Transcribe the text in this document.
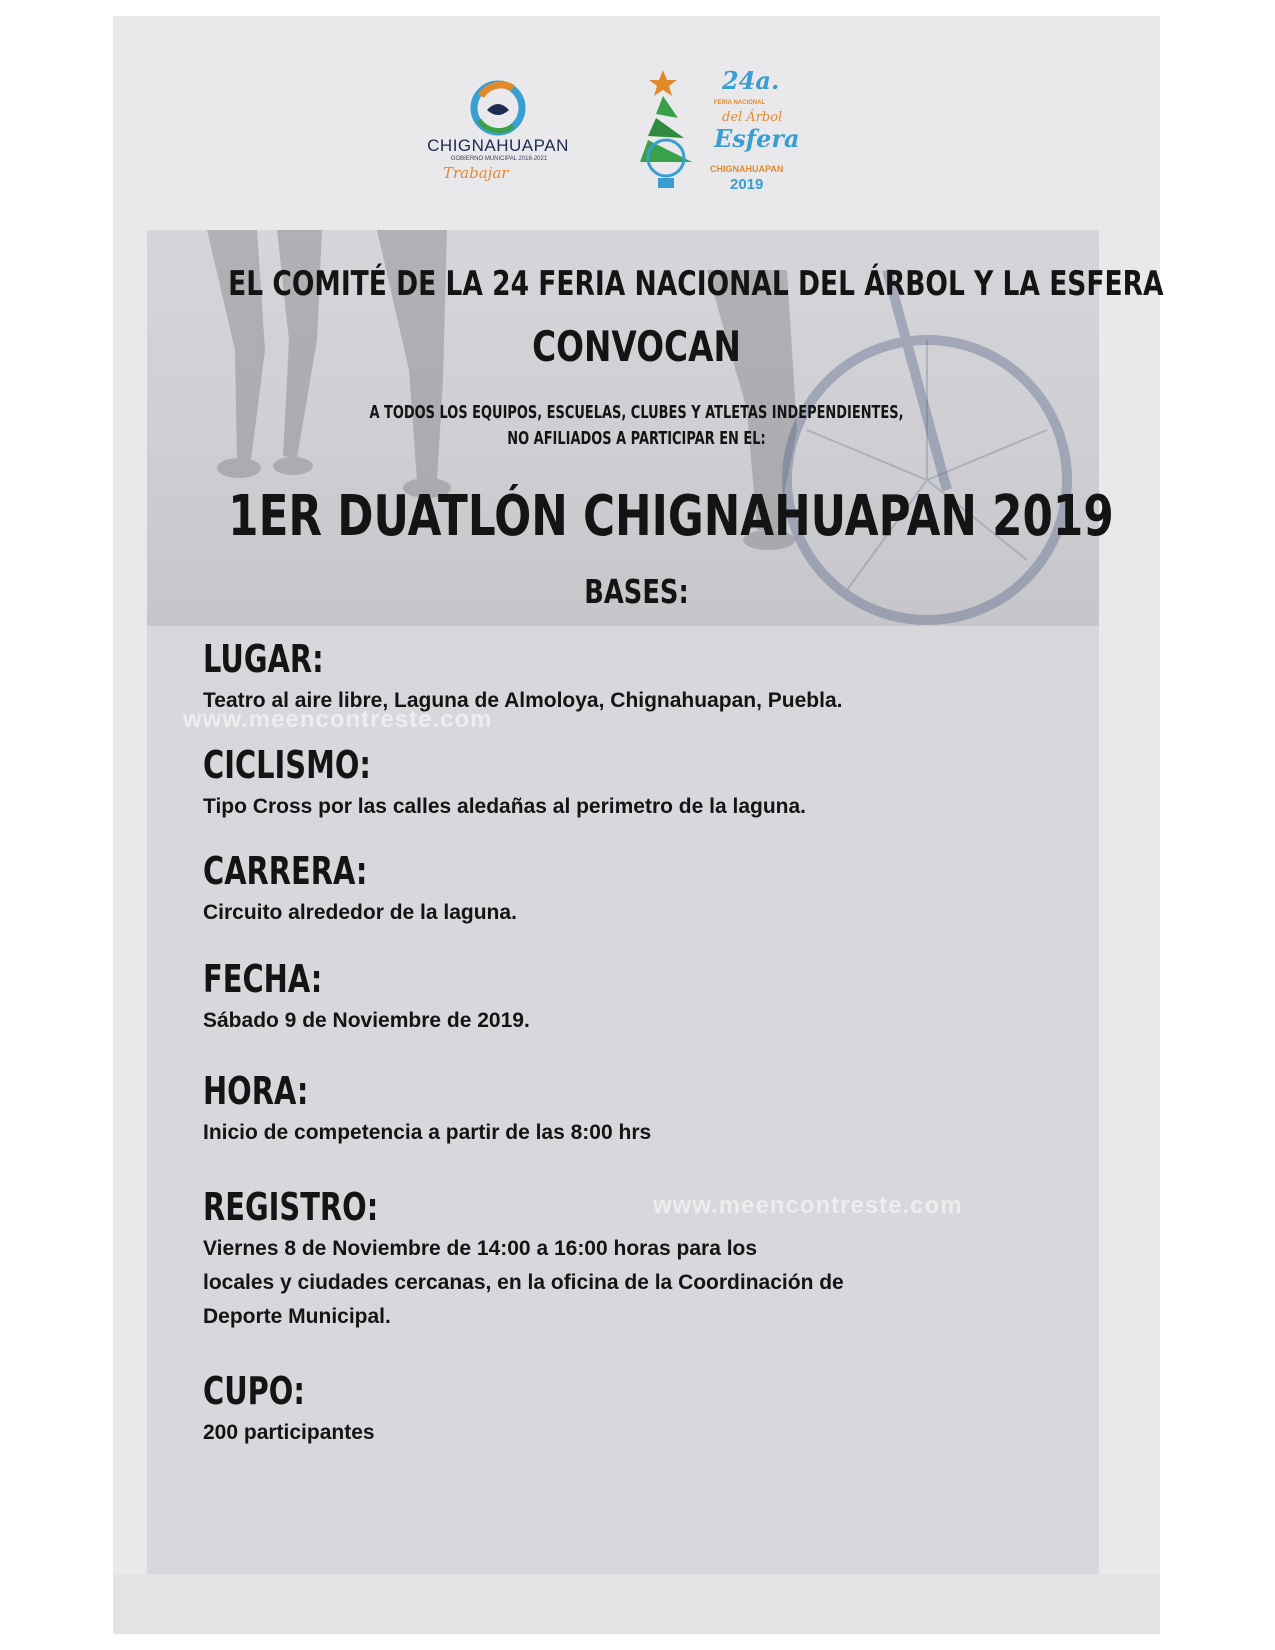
www.meencontreste.com
www.meencontreste.com
CHIGNAHUAPAN
GOBIERNO MUNICIPAL 2018-2021
Trabajar
24a.
FERIA NACIONAL
del Árbol
Esfera
CHIGNAHUAPAN
2019
EL COMITÉ DE LA 24 FERIA NACIONAL DEL ÁRBOL Y LA ESFERA
CONVOCAN
A TODOS LOS EQUIPOS, ESCUELAS, CLUBES Y ATLETAS INDEPENDIENTES,
NO AFILIADOS A PARTICIPAR EN EL:
1ER DUATLÓN CHIGNAHUAPAN 2019
BASES:
LUGAR:
Teatro al aire libre, Laguna de Almoloya, Chignahuapan, Puebla.
CICLISMO:
Tipo Cross por las calles aledañas al perimetro de la laguna.
CARRERA:
Circuito alrededor de la laguna.
FECHA:
Sábado 9 de Noviembre de 2019.
HORA:
Inicio de competencia a partir de las 8:00 hrs
REGISTRO:
Viernes 8 de Noviembre de 14:00 a 16:00 horas para los
locales y ciudades cercanas, en la oficina de la Coordinación de
Deporte Municipal.
CUPO:
200 participantes
